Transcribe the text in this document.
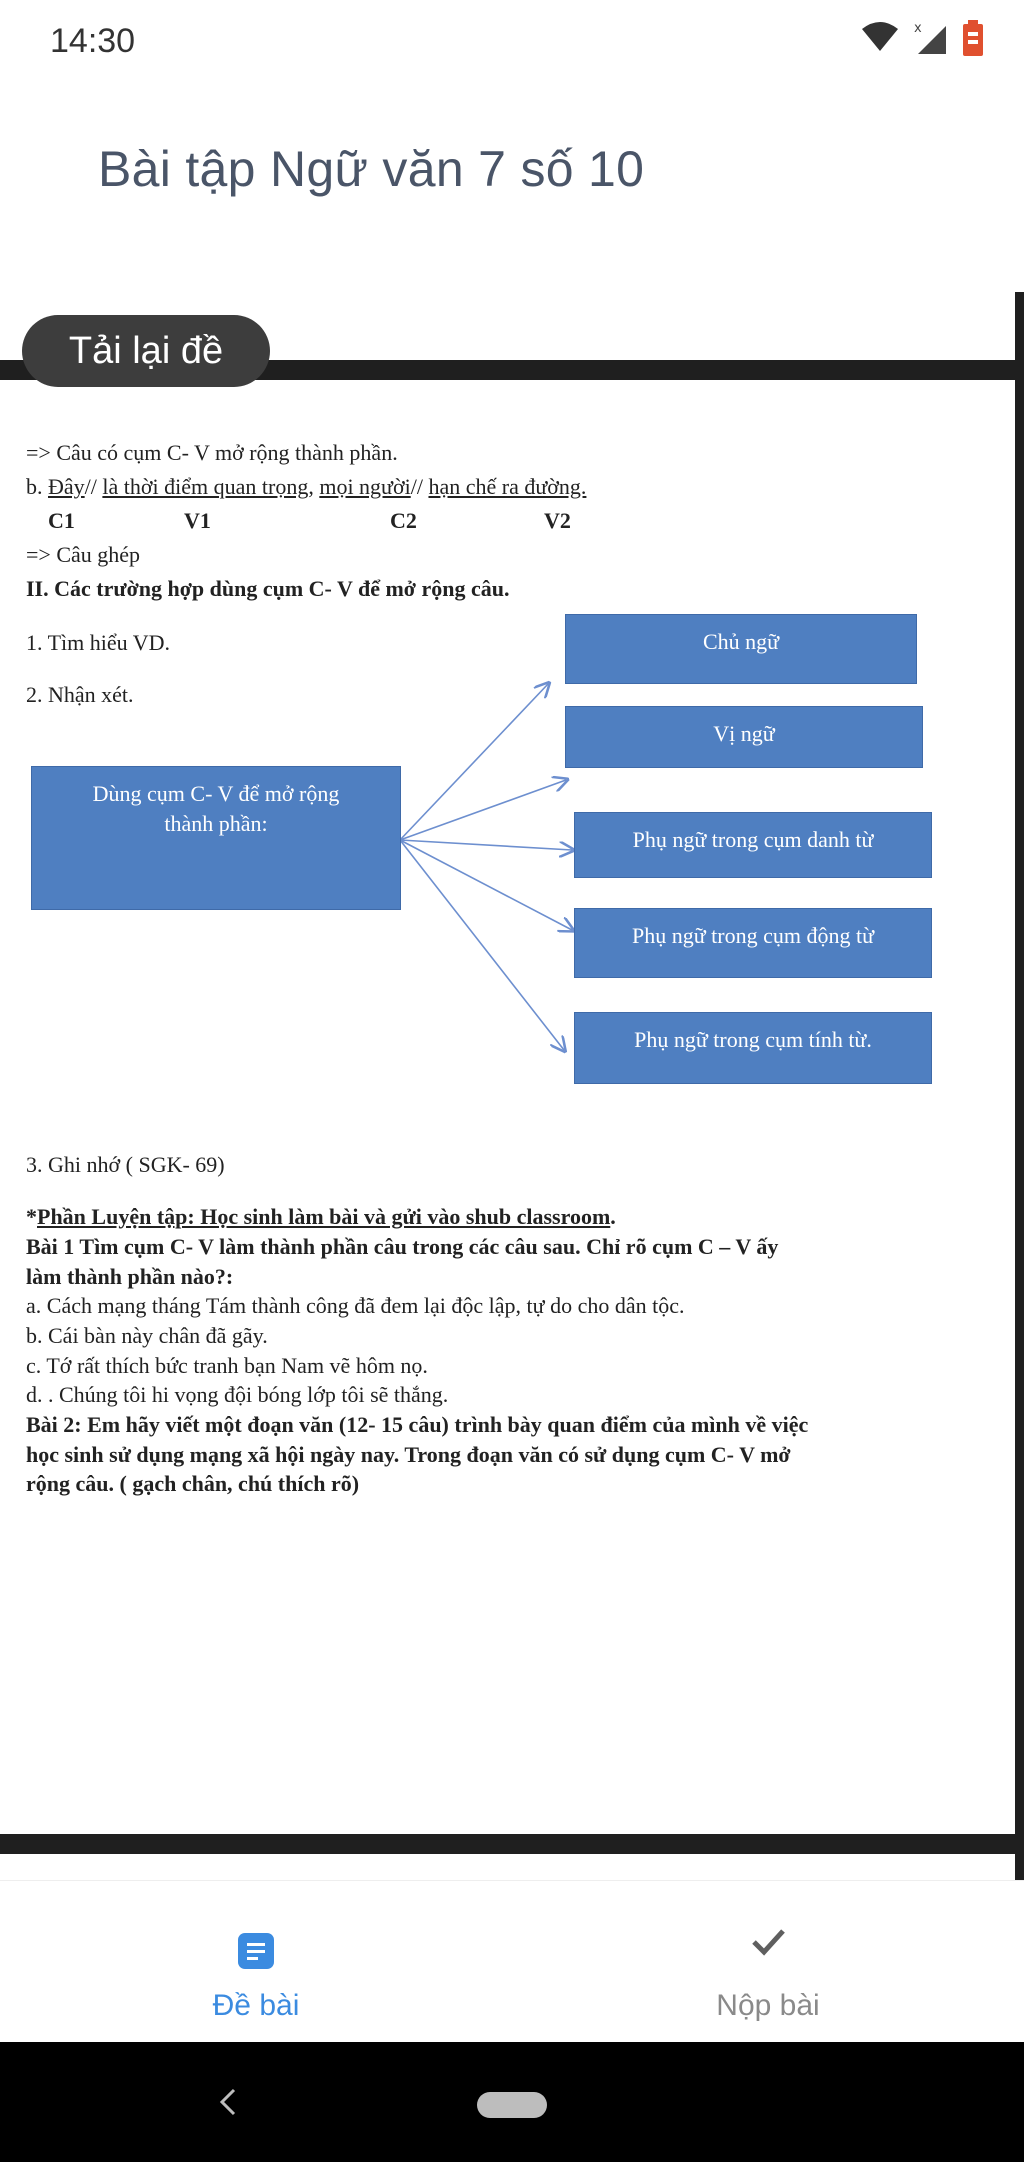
14:30	x
Bài tập Ngữ văn 7 số 10
Tải lại đề
=> Câu có cụm C- V mở rộng thành phần.
b. Đây// là thời điểm quan trọng, mọi người// hạn chế ra đường.
C1	V1	C2	V2
=> Câu ghép
II. Các trường hợp dùng cụm C- V để mở rộng câu.
1. Tìm hiểu VD.
2. Nhận xét.
Dùng cụm C- V để mở rộng thành phần:
Chủ ngữ
Vị ngữ
Phụ ngữ trong cụm danh từ
Phụ ngữ trong cụm động từ
Phụ ngữ trong cụm tính từ.
3. Ghi nhớ ( SGK- 69)
*Phần Luyện tập: Học sinh làm bài và gửi vào shub classroom.
Bài 1 Tìm cụm C- V làm thành phần câu trong các câu sau. Chỉ rõ cụm C – V ấy
làm thành phần nào?:
a. Cách mạng tháng Tám thành công đã đem lại độc lập, tự do cho dân tộc.
b. Cái bàn này chân đã gãy.
c. Tớ rất thích bức tranh bạn Nam vẽ hôm nọ.
d. . Chúng tôi hi vọng đội bóng lớp tôi sẽ thắng.
Bài 2: Em hãy viết một đoạn văn (12- 15 câu) trình bày quan điểm của mình về việc
học sinh sử dụng mạng xã hội ngày nay. Trong đoạn văn có sử dụng cụm C- V mở
rộng câu. ( gạch chân, chú thích rõ)
Đề bài	Nộp bài
